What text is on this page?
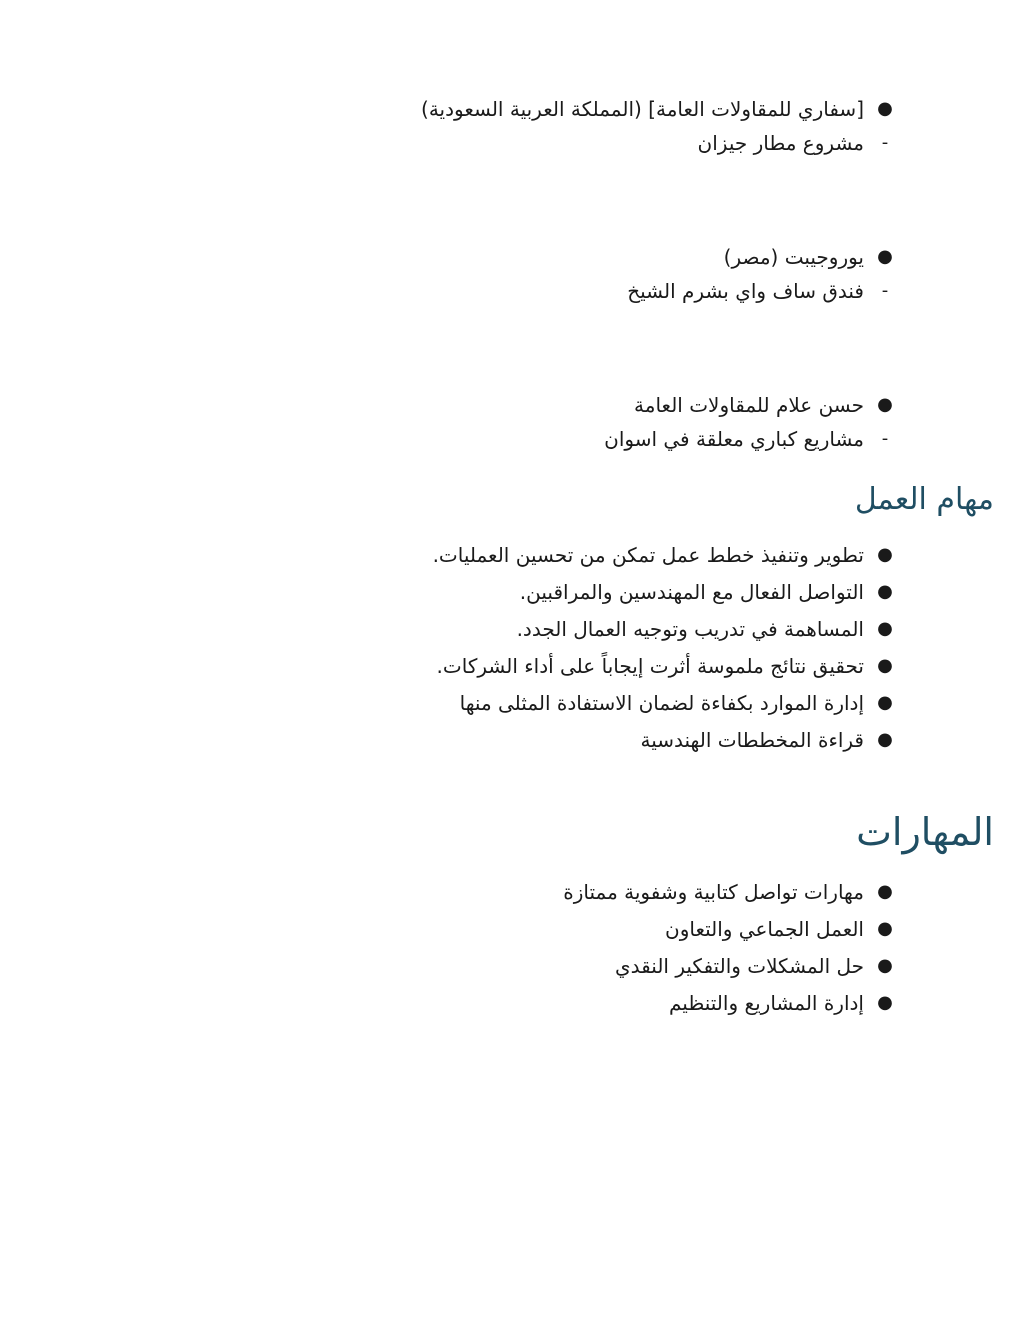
●
[سفاري للمقاولات العامة] (المملكة العربية السعودية)
-
مشروع مطار جيزان
●
يوروجيبت (مصر)
-
فندق ساف واي بشرم الشيخ
●
حسن علام للمقاولات العامة
-
مشاريع كباري معلقة في اسوان
مهام العمل
●
تطوير وتنفيذ خطط عمل تمكن من تحسين العمليات.
●
التواصل الفعال مع المهندسين والمراقبين.
●
المساهمة في تدريب وتوجيه العمال الجدد.
●
تحقيق نتائج ملموسة أثرت إيجاباً على أداء الشركات.
●
إدارة الموارد بكفاءة لضمان الاستفادة المثلى منها
●
قراءة المخططات الهندسية
المهارات
●
مهارات تواصل كتابية وشفوية ممتازة
●
العمل الجماعي والتعاون
●
حل المشكلات والتفكير النقدي
●
إدارة المشاريع والتنظيم
